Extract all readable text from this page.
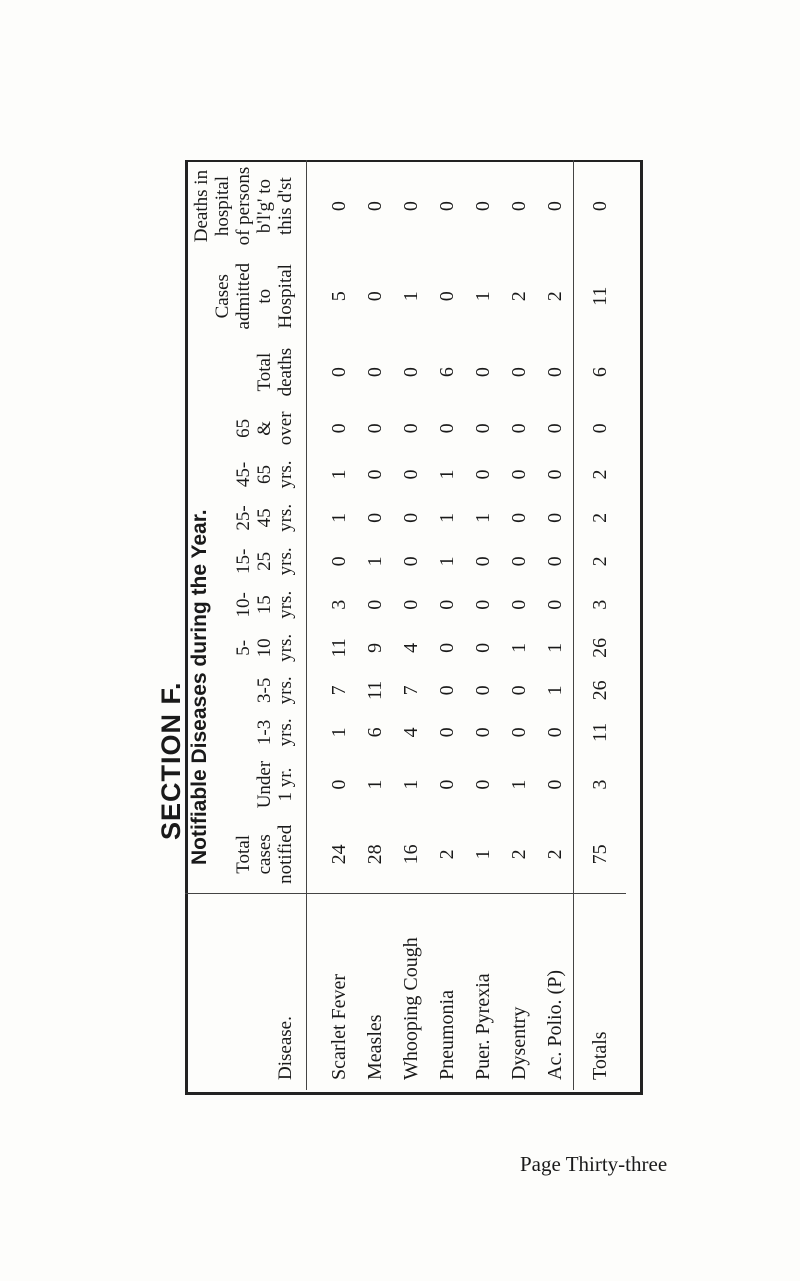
SECTION F. Notifiable Diseases during the Year.
Disease.	Total cases notified	Under 1 yr.	1-3 yrs.	3-5 yrs.	5-10 yrs.	10-15 yrs.	15-25 yrs.	25-45 yrs.	45-65 yrs.	65 & over	Total deaths	Cases admitted to Hospital	Deaths in hospital of persons b'l'g' to this d'st
Scarlet Fever	24	0	1	7	11	3	0	1	1	0	0	5	0
Measles	28	1	6	11	9	0	1	0	0	0	0	0	0
Whooping Cough	16	1	4	7	4	0	0	0	0	0	0	1	0
Pneumonia	2	0	0	0	0	0	1	1	1	0	6	0	0
Puer. Pyrexia	1	0	0	0	0	0	0	1	0	0	0	1	0
Dysentry	2	1	0	0	1	0	0	0	0	0	0	2	0
Ac. Polio. (P)	2	0	0	1	1	0	0	0	0	0	0	2	0
Totals	75	3	11	26	26	3	2	2	2	0	6	11	0
Page Thirty-three
